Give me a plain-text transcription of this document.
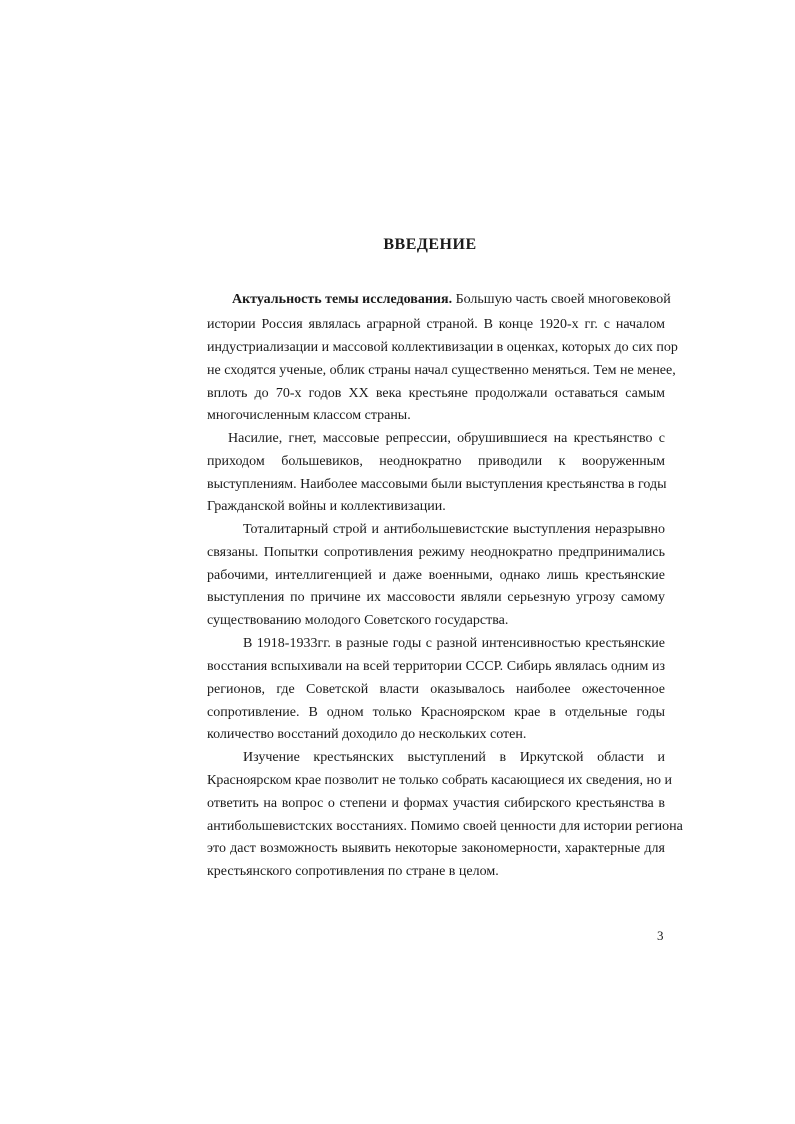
ВВЕДЕНИЕ
Актуальность темы исследования. Большую часть своей многовековой
истории Россия являлась аграрной страной. В конце 1920-х гг. с началом
индустриализации и массовой коллективизации в оценках, которых до сих пор
не сходятся ученые, облик страны начал существенно меняться. Тем не менее,
вплоть до 70-х годов XX века крестьяне продолжали оставаться самым
многочисленным классом страны.
Насилие, гнет, массовые репрессии, обрушившиеся на крестьянство с
приходом большевиков, неоднократно приводили к вооруженным
выступлениям. Наиболее массовыми были выступления крестьянства в годы
Гражданской войны и коллективизации.
Тоталитарный строй и антибольшевистские выступления неразрывно
связаны. Попытки сопротивления режиму неоднократно предпринимались
рабочими, интеллигенцией и даже военными, однако лишь крестьянские
выступления по причине их массовости являли серьезную угрозу самому
существованию молодого Советского государства.
В 1918-1933гг. в разные годы с разной интенсивностью крестьянские
восстания вспыхивали на всей территории СССР. Сибирь являлась одним из
регионов, где Советской власти оказывалось наиболее ожесточенное
сопротивление. В одном только Красноярском крае в отдельные годы
количество восстаний доходило до нескольких сотен.
Изучение крестьянских выступлений в Иркутской области и
Красноярском крае позволит не только собрать касающиеся их сведения, но и
ответить на вопрос о степени и формах участия сибирского крестьянства в
антибольшевистских восстаниях. Помимо своей ценности для истории региона
это даст возможность выявить некоторые закономерности, характерные для
крестьянского сопротивления по стране в целом.
3
